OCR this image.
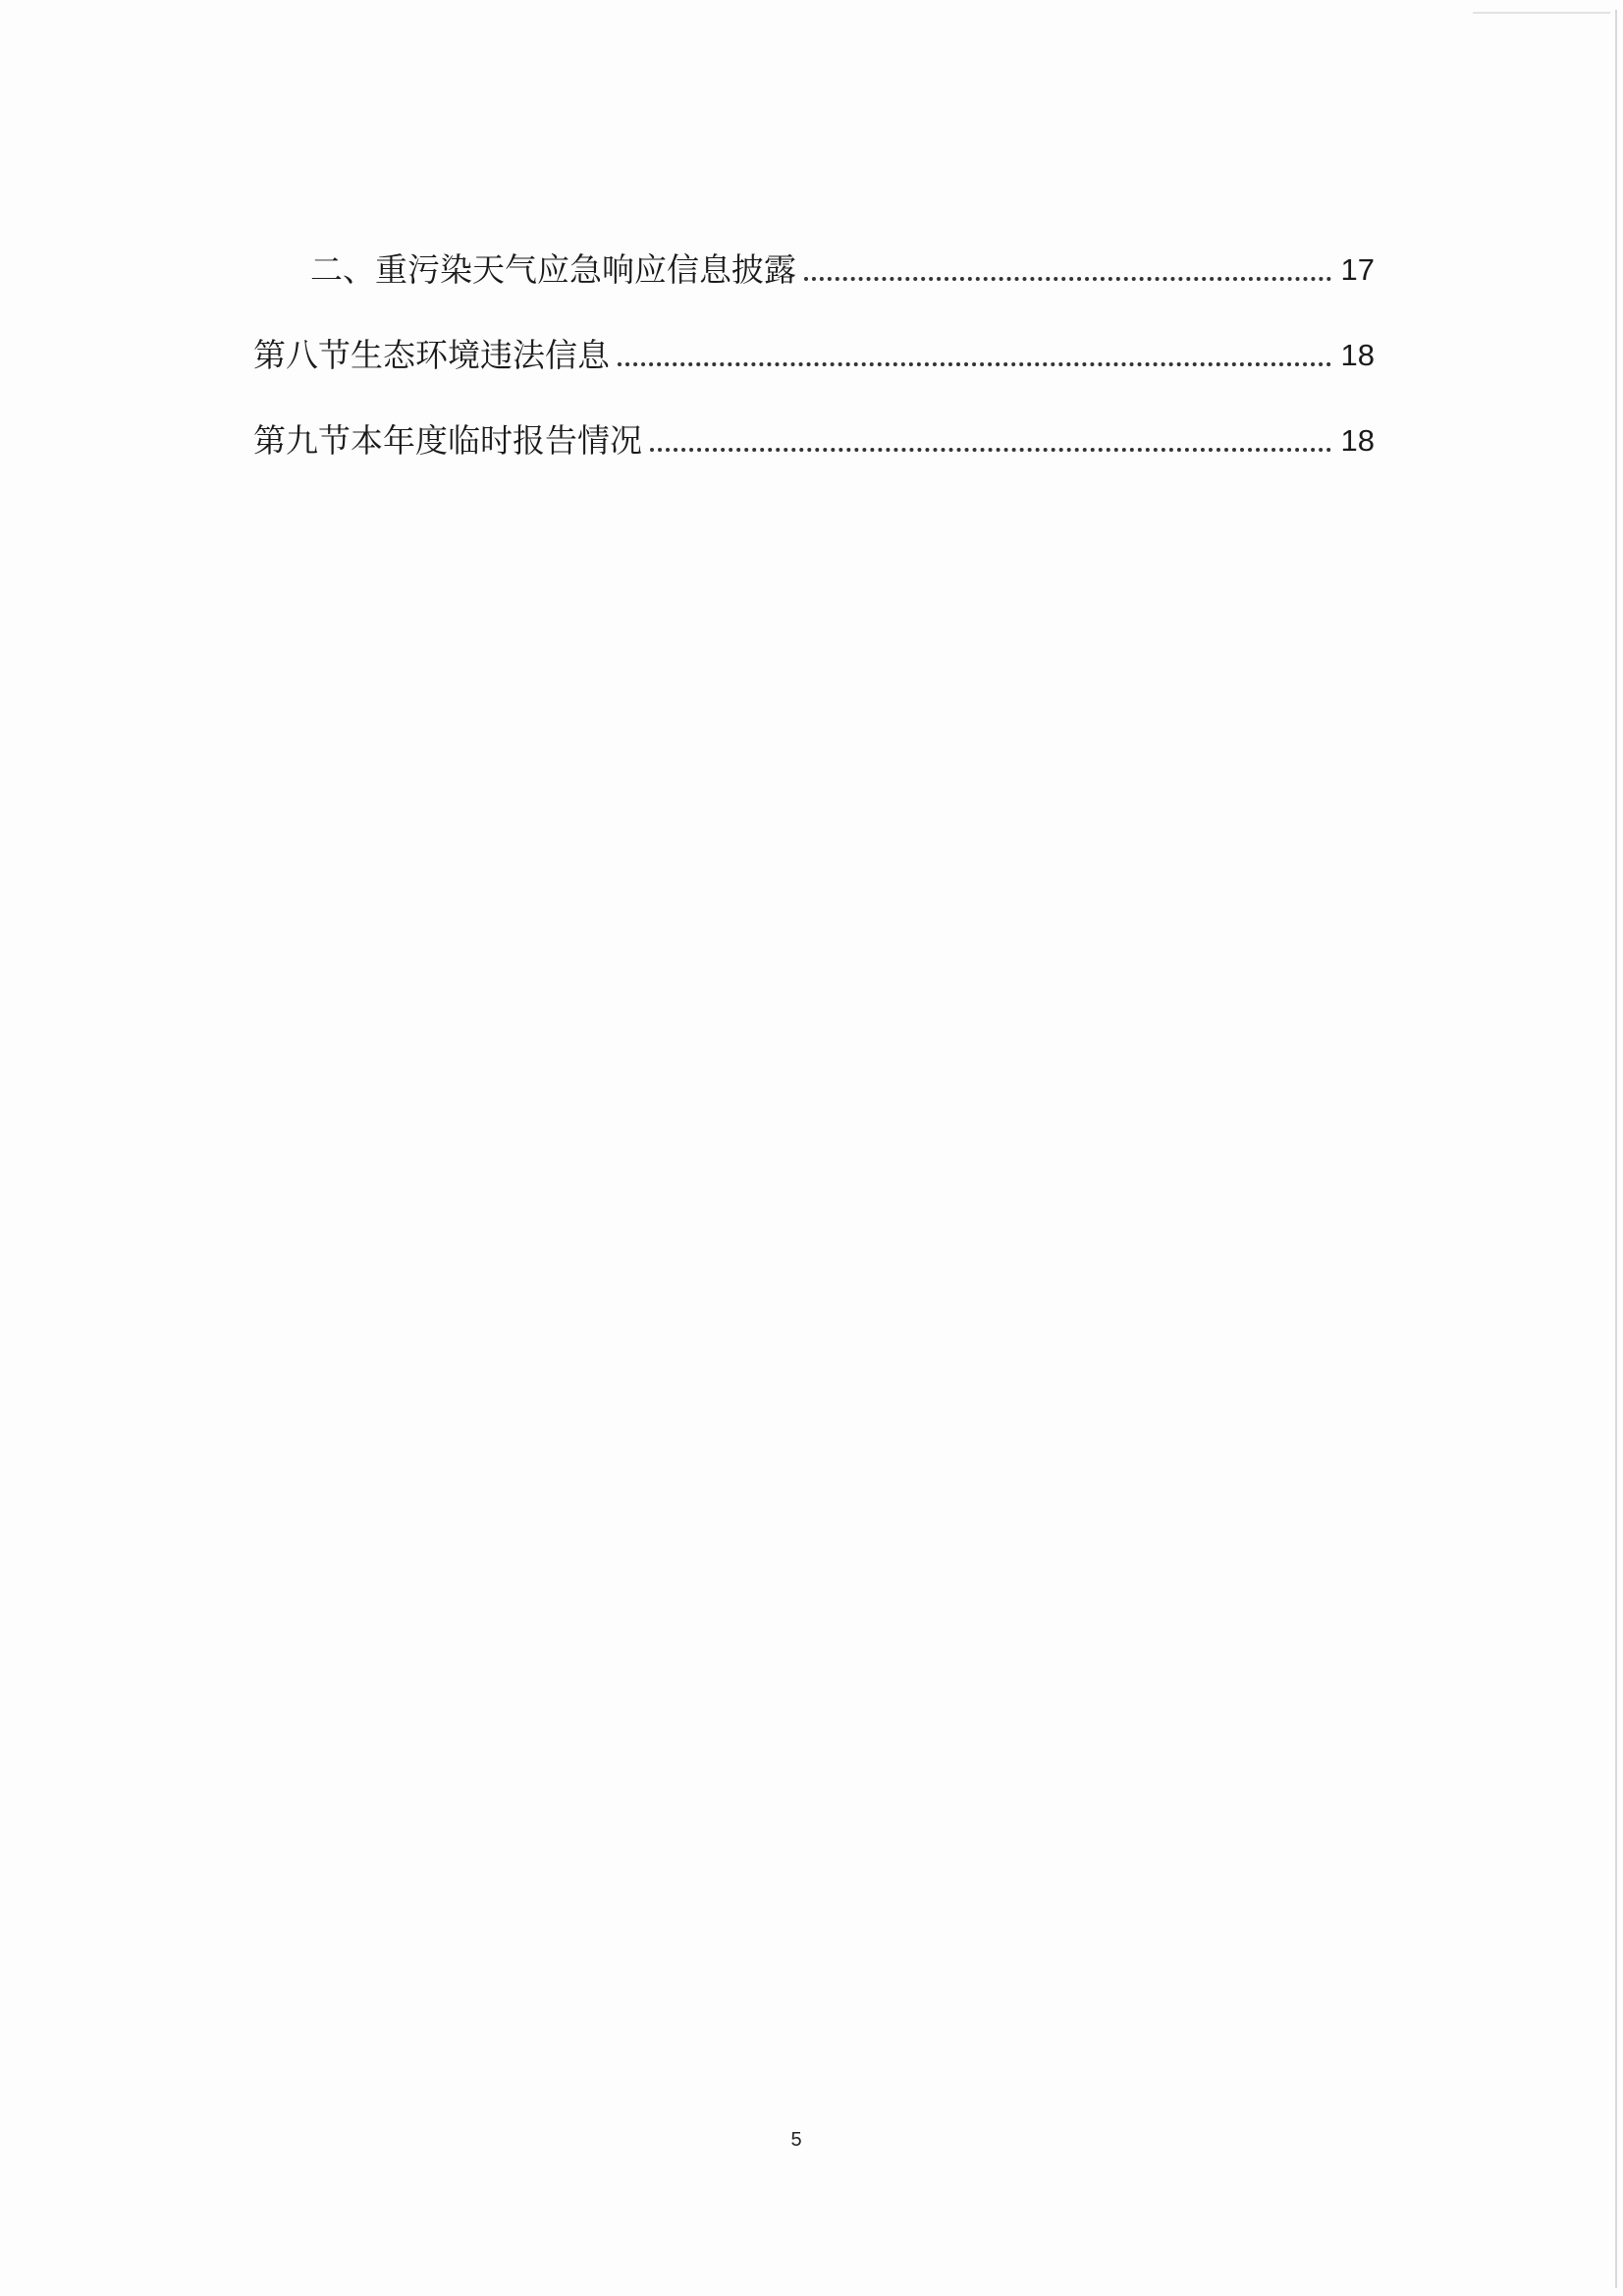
二、重污染天气应急响应信息披露	17
第八节生态环境违法信息	18
第九节本年度临时报告情况	18
5
